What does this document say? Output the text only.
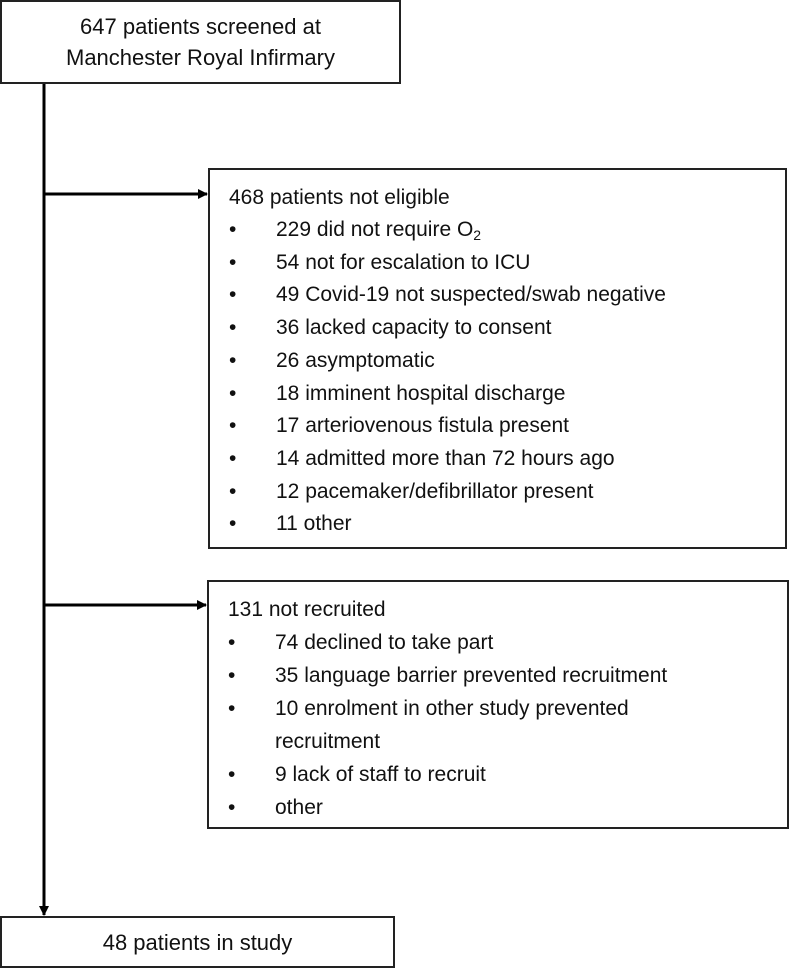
647 patients screened at
Manchester Royal Infirmary
468 patients not eligible
• 229 did not require $O_2$
• 54 not for escalation to ICU
• 49 Covid-19 not suspected/swab negative
• 36 lacked capacity to consent
• 26 asymptomatic
• 18 imminent hospital discharge
• 17 arteriovenous fistula present
• 14 admitted more than 72 hours ago
• 12 pacemaker/defibrillator present
• 11 other
131 not recruited
• 74 declined to take part
• 35 language barrier prevented recruitment
• 10 enrolment in other study prevented recruitment
• 9 lack of staff to recruit
• other
48 patients in study
